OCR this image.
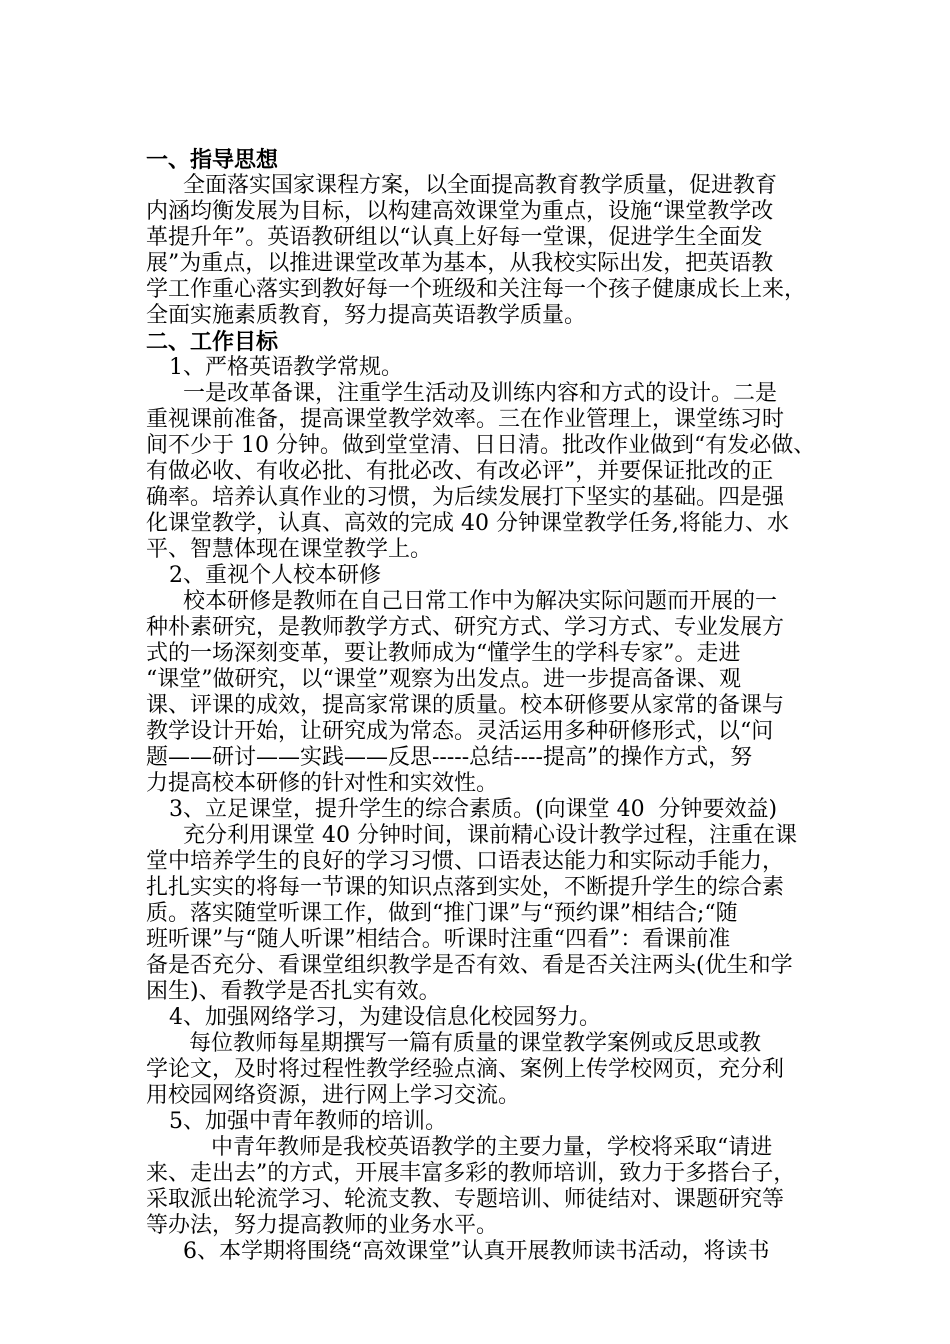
一、指导思想
全面落实国家课程方案，以全面提高教育教学质量，促进教育
内涵均衡发展为目标，以构建高效课堂为重点，设施“课堂教学改
革提升年”。英语教研组以“认真上好每一堂课，促进学生全面发
展”为重点，以推进课堂改革为基本，从我校实际出发，把英语教
学工作重心落实到教好每一个班级和关注每一个孩子健康成长上来，
全面实施素质教育，努力提高英语教学质量。
二、工作目标
1、严格英语教学常规。
一是改革备课，注重学生活动及训练内容和方式的设计。二是
重视课前准备，提高课堂教学效率。三在作业管理上，课堂练习时
间不少于 10 分钟。做到堂堂清、日日清。批改作业做到“有发必做、
有做必收、有收必批、有批必改、有改必评”，并要保证批改的正
确率。培养认真作业的习惯，为后续发展打下坚实的基础。四是强
化课堂教学，认真、高效的完成 40 分钟课堂教学任务,将能力、水
平、智慧体现在课堂教学上。
2、重视个人校本研修
校本研修是教师在自己日常工作中为解决实际问题而开展的一
种朴素研究，是教师教学方式、研究方式、学习方式、专业发展方
式的一场深刻变革，要让教师成为“懂学生的学科专家”。走进
“课堂”做研究，以“课堂”观察为出发点。进一步提高备课、观
课、评课的成效，提高家常课的质量。校本研修要从家常的备课与
教学设计开始，让研究成为常态。灵活运用多种研修形式，以“问
题——研讨——实践——反思-----总结----提高”的操作方式，努
力提高校本研修的针对性和实效性。
3、立足课堂，提升学生的综合素质。(向课堂 40  分钟要效益)
充分利用课堂 40 分钟时间，课前精心设计教学过程，注重在课
堂中培养学生的良好的学习习惯、口语表达能力和实际动手能力，
扎扎实实的将每一节课的知识点落到实处，不断提升学生的综合素
质。落实随堂听课工作，做到“推门课”与“预约课”相结合;“随
班听课”与“随人听课”相结合。听课时注重“四看”：看课前准
备是否充分、看课堂组织教学是否有效、看是否关注两头(优生和学
困生)、看教学是否扎实有效。
4、加强网络学习，为建设信息化校园努力。
每位教师每星期撰写一篇有质量的课堂教学案例或反思或教
学论文，及时将过程性教学经验点滴、案例上传学校网页，充分利
用校园网络资源，进行网上学习交流。
5、加强中青年教师的培训。
中青年教师是我校英语教学的主要力量，学校将采取“请进
来、走出去”的方式，开展丰富多彩的教师培训，致力于多搭台子，
采取派出轮流学习、轮流支教、专题培训、师徒结对、课题研究等
等办法，努力提高教师的业务水平。
6、本学期将围绕“高效课堂”认真开展教师读书活动，将读书
